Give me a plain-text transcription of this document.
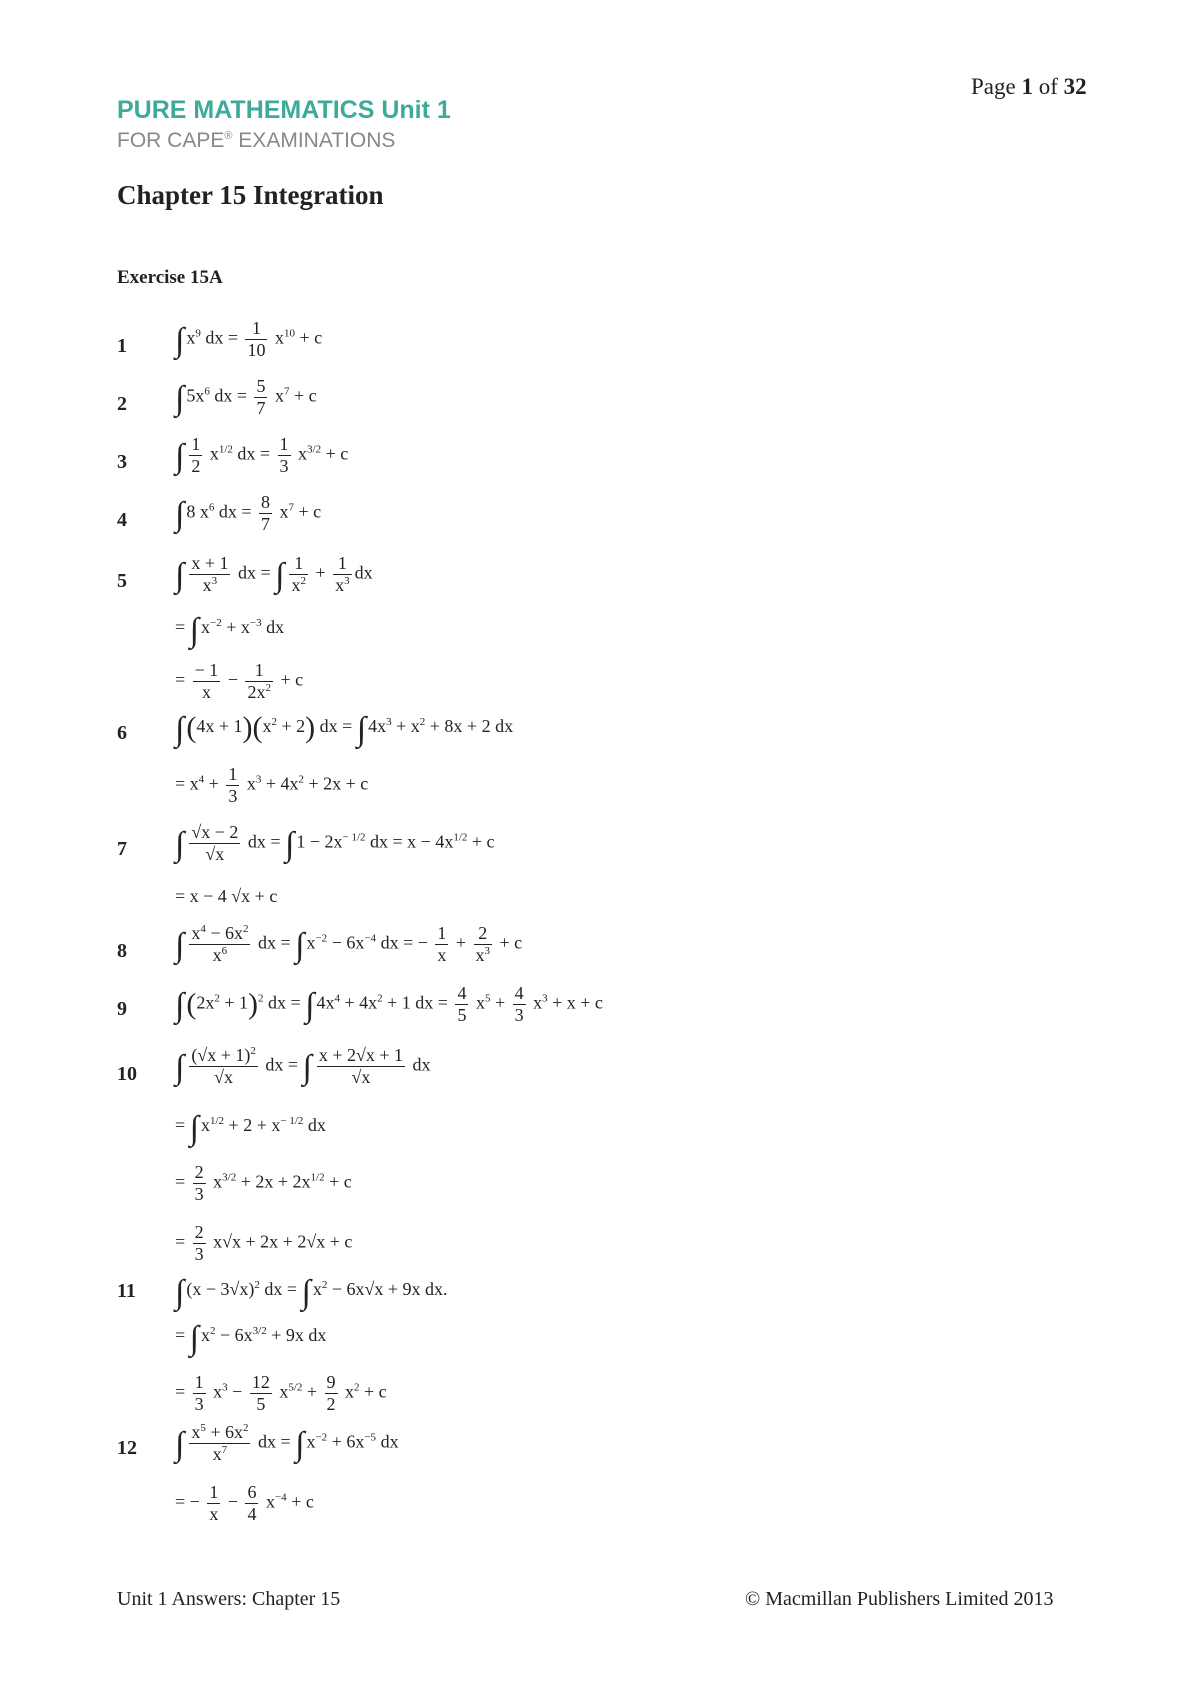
PURE MATHEMATICS Unit 1
FOR CAPE® EXAMINATIONS
Page 1 of 32
Chapter 15 Integration
Exercise 15A
1
2
3
4
5
6
7
8
9
10
11
12
∫ $x^9$ dx = $\frac{1}{10} x^{10} + c$
∫ $5x^6$ dx = $\frac{5}{7} x^7 + c$
∫ $\frac{1}{2} x^{1/2}$ dx = $\frac{1}{3} x^{3/2} + c$
∫ 8 $x^6$ dx = $\frac{8}{7} x^7 + c$
∫ $\frac{x + 1}{x^3}$ dx = ∫ $\frac{1}{x^2} + \frac{1}{x^3}$ dx
= ∫ $x^{-2} + x^{-3}$ dx
= $\frac{- 1}{x} - \frac{1}{2x^2} + c$
$\int(4x + 1)(x^2 + 2)$ dx = ∫ $4x^3 + x^2 + 8x + 2$ dx
= $x^4 + \frac{1}{3} x^3 + 4x^2 + 2x + c$
∫ $\frac{√x - 2}{√x}$ dx = ∫ $1 - 2x^{- 1/2}$ dx = $x - 4x^{1/2} + c$
= x − 4 √x + c
∫ $\frac{x^4 - 6x^2}{x^6}$ dx = ∫ $x^{-2} - 6x^{-4}$ dx = − $\frac{1}{x} + \frac{2}{x^3} + c$
$\int(2x^2 + 1)^2$ dx = ∫ $4x^4 + 4x^2 + 1$ dx = $\frac{4}{5} x^5 + \frac{4}{3} x^3 + x + c$
∫ $\frac{(√x + 1)^2}{√x}$ dx = ∫ $\frac{x + 2√x + 1}{√x}$ dx
= ∫ $x^{1/2} + 2 + x^{- 1/2}$ dx
= $\frac{2}{3} x^{3/2} + 2x + 2x^{1/2} + c$
= $\frac{2}{3} x√x + 2x + 2√x + c$
∫ $(x - 3√x)^2$ dx = ∫ $x^2 - 6x√x + 9x$ dx.
= ∫ $x^2 - 6x^{3/2} + 9x$ dx
= $\frac{1}{3} x^3 - \frac{12}{5} x^{5/2} + \frac{9}{2} x^2 + c$
∫ $\frac{x^5 + 6x^2}{x^7}$ dx = ∫ $x^{-2} + 6x^{-5}$ dx
= − $\frac{1}{x} - \frac{6}{4} x^{-4} + c$
Unit 1 Answers: Chapter 15	© Macmillan Publishers Limited 2013
